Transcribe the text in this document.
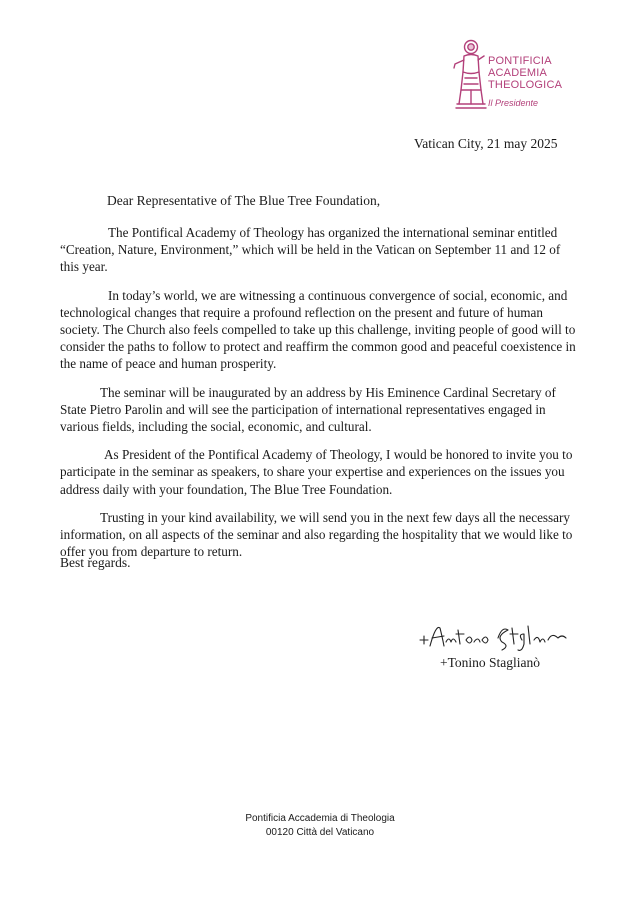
PONTIFICIA
ACADEMIA
THEOLOGICA
Il Presidente
Vatican City, 21 may 2025
Dear Representative of The Blue Tree Foundation,

The Pontifical Academy of Theology has organized the international seminar entitled “Creation, Nature, Environment,” which will be held in the Vatican on September 11 and 12 of this year.

In today’s world, we are witnessing a continuous convergence of social, economic, and technological changes that require a profound reflection on the present and future of human society. The Church also feels compelled to take up this challenge, inviting people of good will to consider the paths to follow to protect and reaffirm the common good and peaceful coexistence in the name of peace and human prosperity.

The seminar will be inaugurated by an address by His Eminence Cardinal Secretary of State Pietro Parolin and will see the participation of international representatives engaged in various fields, including the social, economic, and cultural.

As President of the Pontifical Academy of Theology, I would be honored to invite you to participate in the seminar as speakers, to share your expertise and experiences on the issues you address daily with your foundation, The Blue Tree Foundation.

Trusting in your kind availability, we will send you in the next few days all the necessary information, on all aspects of the seminar and also regarding the hospitality that we would like to offer you from departure to return.

Best regards.
+Tonino Staglianò
Pontificia Accademia di Theologia
00120 Città del Vaticano
